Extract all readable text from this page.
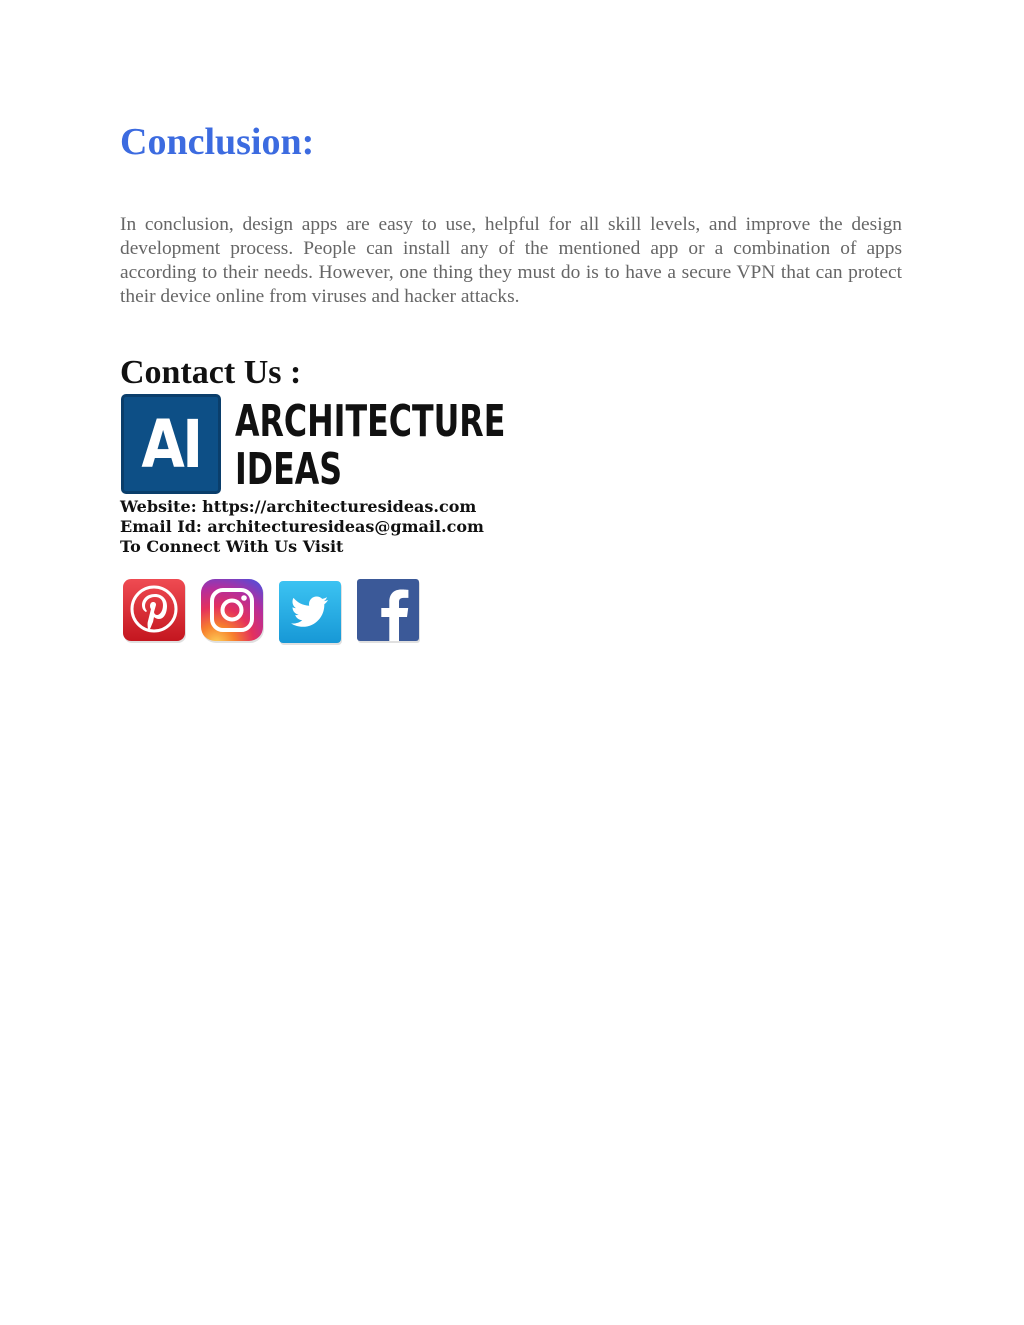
Conclusion:

In conclusion, design apps are easy to use, helpful for all skill levels, and improve the design development process. People can install any of the mentioned app or a combination of apps according to their needs. However, one thing they must do is to have a secure VPN that can protect their device online from viruses and hacker attacks.

Contact Us :
AI ARCHITECTURE
IDEAS
Website: https://architecturesideas.com
Email Id: architecturesideas@gmail.com
To Connect With Us Visit
